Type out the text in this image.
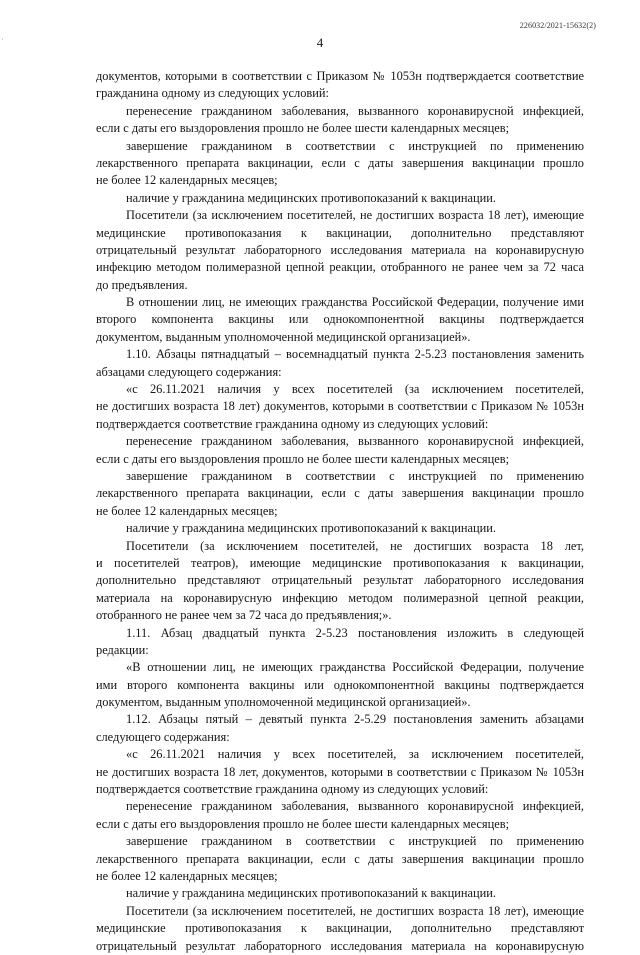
·
226032/2021-15632(2)
4
документов, которыми в соответствии с Приказом № 1053н подтверждается соответствие
гражданина одному из следующих условий:
перенесение гражданином заболевания, вызванного коронавирусной инфекцией,
если с даты его выздоровления прошло не более шести календарных месяцев;
завершение гражданином в соответствии с инструкцией по применению
лекарственного препарата вакцинации, если с даты завершения вакцинации прошло
не более 12 календарных месяцев;
наличие у гражданина медицинских противопоказаний к вакцинации.
Посетители (за исключением посетителей, не достигших возраста 18 лет), имеющие
медицинские противопоказания к вакцинации, дополнительно представляют
отрицательный результат лабораторного исследования материала на коронавирусную
инфекцию методом полимеразной цепной реакции, отобранного не ранее чем за 72 часа
до предъявления.
В отношении лиц, не имеющих гражданства Российской Федерации, получение ими
второго компонента вакцины или однокомпонентной вакцины подтверждается
документом, выданным уполномоченной медицинской организацией».
1.10. Абзацы пятнадцатый – восемнадцатый пункта 2-5.23 постановления заменить
абзацами следующего содержания:
«с 26.11.2021 наличия у всех посетителей (за исключением посетителей,
не достигших возраста 18 лет) документов, которыми в соответствии с Приказом № 1053н
подтверждается соответствие гражданина одному из следующих условий:
перенесение гражданином заболевания, вызванного коронавирусной инфекцией,
если с даты его выздоровления прошло не более шести календарных месяцев;
завершение гражданином в соответствии с инструкцией по применению
лекарственного препарата вакцинации, если с даты завершения вакцинации прошло
не более 12 календарных месяцев;
наличие у гражданина медицинских противопоказаний к вакцинации.
Посетители (за исключением посетителей, не достигших возраста 18 лет,
и посетителей театров), имеющие медицинские противопоказания к вакцинации,
дополнительно представляют отрицательный результат лабораторного исследования
материала на коронавирусную инфекцию методом полимеразной цепной реакции,
отобранного не ранее чем за 72 часа до предъявления;».
1.11. Абзац двадцатый пункта 2-5.23 постановления изложить в следующей
редакции:
«В отношении лиц, не имеющих гражданства Российской Федерации, получение
ими второго компонента вакцины или однокомпонентной вакцины подтверждается
документом, выданным уполномоченной медицинской организацией».
1.12. Абзацы пятый – девятый пункта 2-5.29 постановления заменить абзацами
следующего содержания:
«с 26.11.2021 наличия у всех посетителей, за исключением посетителей,
не достигших возраста 18 лет, документов, которыми в соответствии с Приказом № 1053н
подтверждается соответствие гражданина одному из следующих условий:
перенесение гражданином заболевания, вызванного коронавирусной инфекцией,
если с даты его выздоровления прошло не более шести календарных месяцев;
завершение гражданином в соответствии с инструкцией по применению
лекарственного препарата вакцинации, если с даты завершения вакцинации прошло
не более 12 календарных месяцев;
наличие у гражданина медицинских противопоказаний к вакцинации.
Посетители (за исключением посетителей, не достигших возраста 18 лет), имеющие
медицинские противопоказания к вакцинации, дополнительно представляют
отрицательный результат лабораторного исследования материала на коронавирусную
